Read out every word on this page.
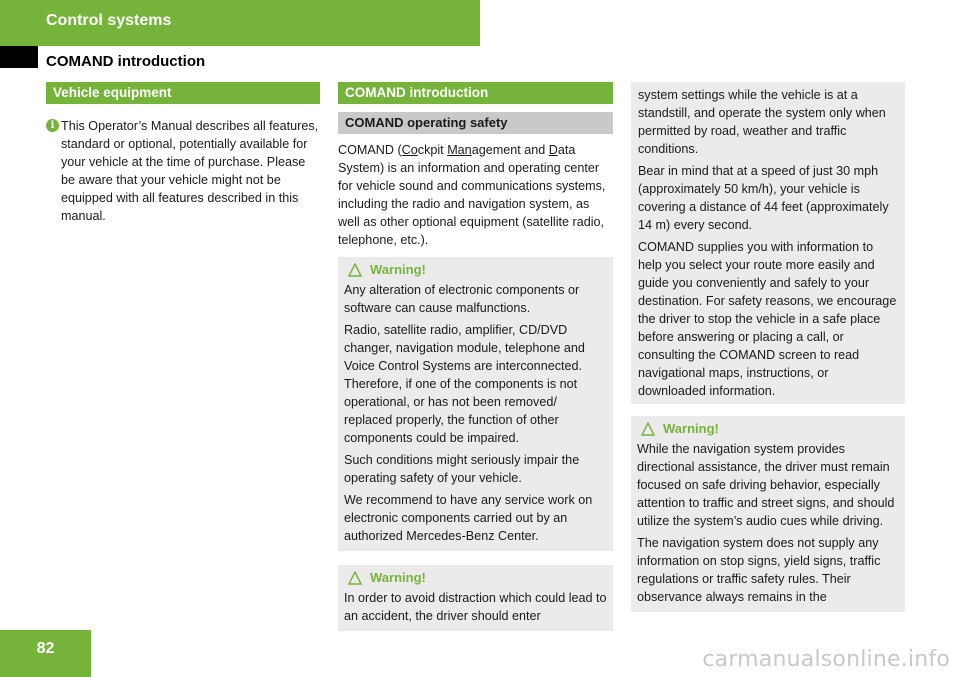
Control systems
COMAND introduction
Vehicle equipment
i This Operator’s Manual describes all features, standard or optional, potentially available for your vehicle at the time of purchase. Please be aware that your vehicle might not be equipped with all features described in this manual.

COMAND introduction
COMAND operating safety

COMAND (Cockpit Management and Data System) is an information and operating center for vehicle sound and communications systems, including the radio and navigation system, as well as other optional equipment (satellite radio, telephone, etc.).

Warning!

Any alteration of electronic components or software can cause malfunctions.

Radio, satellite radio, amplifier, CD/DVD changer, navigation module, telephone and Voice Control Systems are interconnected. Therefore, if one of the components is not operational, or has not been removed/ replaced properly, the function of other components could be impaired.

Such conditions might seriously impair the operating safety of your vehicle.

We recommend to have any service work on electronic components carried out by an authorized Mercedes-Benz Center.

Warning!

In order to avoid distraction which could lead to an accident, the driver should enter

system settings while the vehicle is at a standstill, and operate the system only when permitted by road, weather and traffic conditions.

Bear in mind that at a speed of just 30 mph (approximately 50 km/h), your vehicle is covering a distance of 44 feet (approximately 14 m) every second.

COMAND supplies you with information to help you select your route more easily and guide you conveniently and safely to your destination. For safety reasons, we encourage the driver to stop the vehicle in a safe place before answering or placing a call, or consulting the COMAND screen to read navigational maps, instructions, or downloaded information.

Warning!

While the navigation system provides directional assistance, the driver must remain focused on safe driving behavior, especially attention to traffic and street signs, and should utilize the system’s audio cues while driving.

The navigation system does not supply any information on stop signs, yield signs, traffic regulations or traffic safety rules. Their observance always remains in the

82	carmanualsonline.info
